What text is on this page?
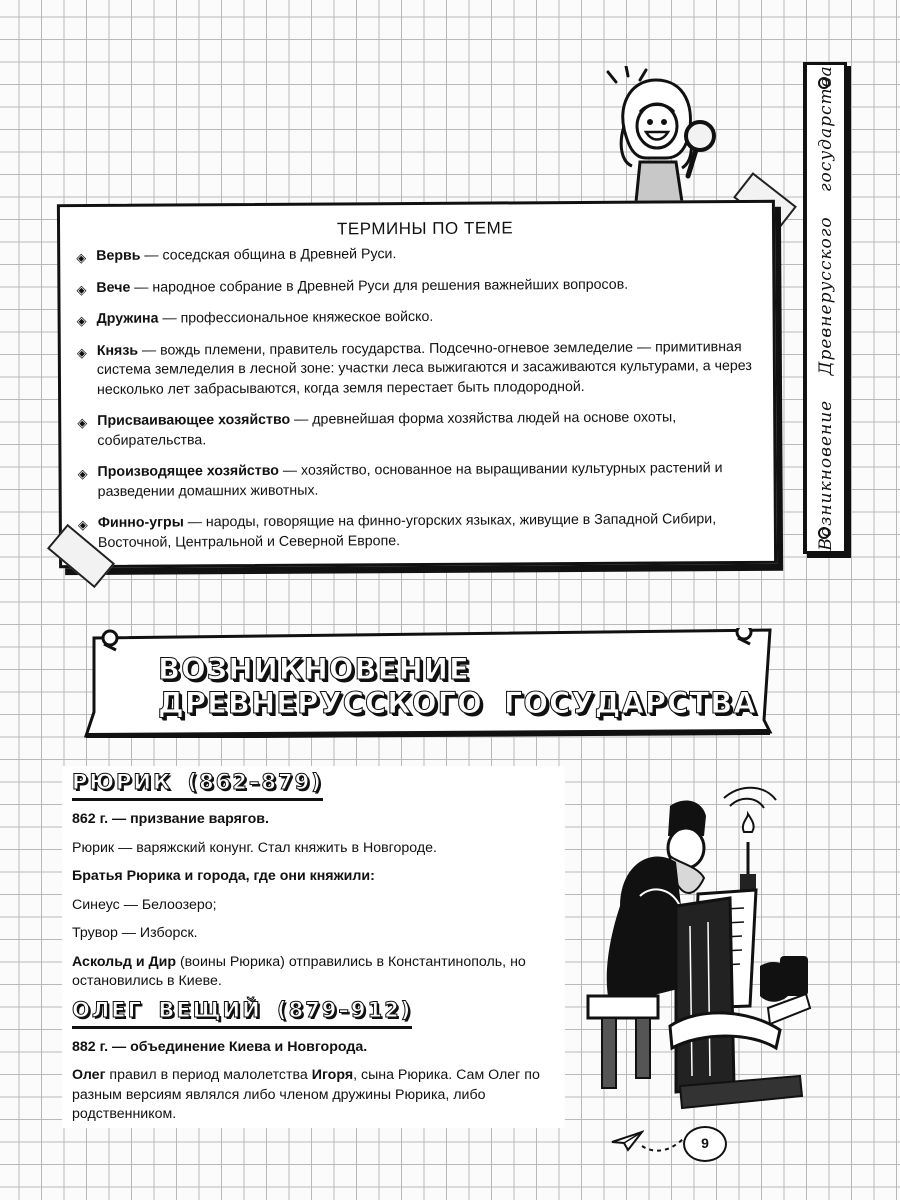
Возникновение Древнерусского государства
ТЕРМИНЫ ПО ТЕМЕ
◈ Вервь — соседская община в Древней Руси.
◈ Вече — народное собрание в Древней Руси для решения важнейших вопросов.
◈ Дружина — профессиональное княжеское войско.
◈ Князь — вождь племени, правитель государства. Подсечно-огневое земледелие — примитивная система земледелия в лесной зоне: участки леса выжигаются и засаживаются культурами, а через несколько лет забрасываются, когда земля перестает быть плодородной.
◈ Присваивающее хозяйство — древнейшая форма хозяйства людей на основе охоты, собирательства.
◈ Производящее хозяйство — хозяйство, основанное на выращивании культурных растений и разведении домашних животных.
◈ Финно-угры — народы, говорящие на финно-угорских языках, живущие в Западной Сибири, Восточной, Центральной и Северной Европе.
ВОЗНИКНОВЕНИЕ
ДРЕВНЕРУССКОГО ГОСУДАРСТВА
РЮРИК (862–879)

862 г. — призвание варягов.

Рюрик — варяжский конунг. Стал княжить в Новгороде.

Братья Рюрика и города, где они княжили:

Синеус — Белоозеро;

Трувор — Изборск.

Аскольд и Дир (воины Рюрика) отправились в Константинополь, но остановились в Киеве.

ОЛЕГ ВЕЩИЙ (879–912)

882 г. — объединение Киева и Новгорода.

Олег правил в период малолетства Игоря, сына Рюрика. Сам Олег по разным версиям являлся либо членом дружины Рюрика, либо родственником.

9
